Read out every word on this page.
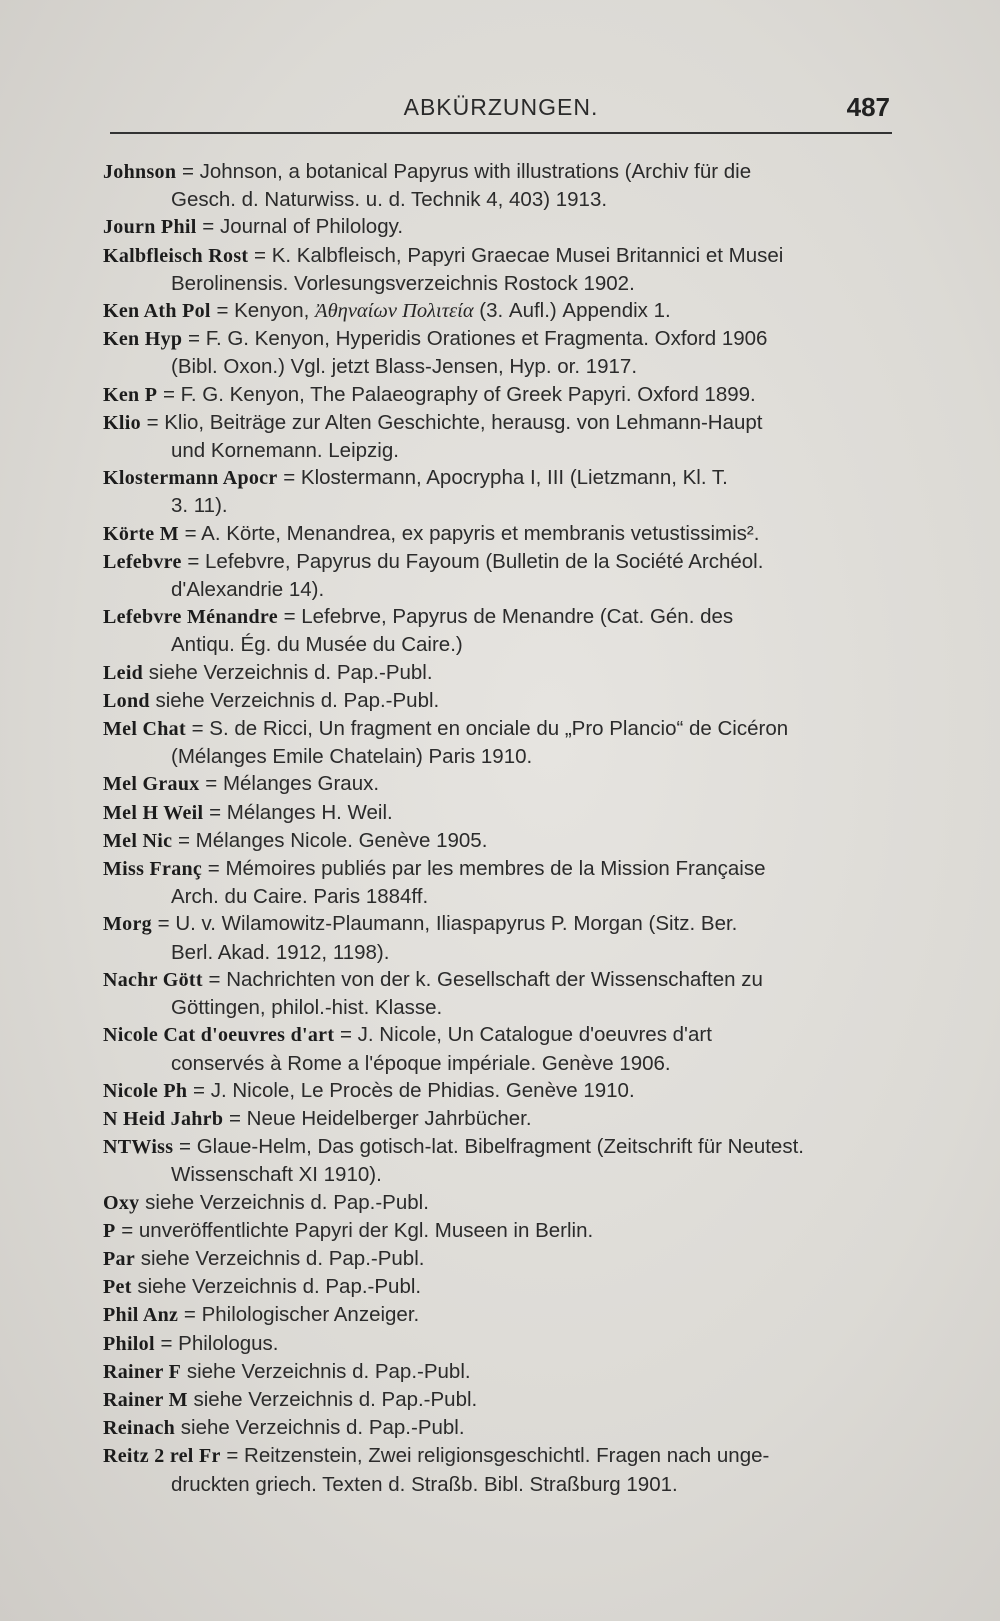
ABKÜRZUNGEN.	487
Johnson = Johnson, a botanical Papyrus with illustrations (Archiv für die
Gesch. d. Naturwiss. u. d. Technik 4, 403) 1913.
Journ Phil = Journal of Philology.
Kalbfleisch Rost = K. Kalbfleisch, Papyri Graecae Musei Britannici et Musei
Berolinensis. Vorlesungsverzeichnis Rostock 1902.
Ken Ath Pol = Kenyon, Ἀθηναίων Πολιτεία (3. Aufl.) Appendix 1.
Ken Hyp = F. G. Kenyon, Hyperidis Orationes et Fragmenta. Oxford 1906
(Bibl. Oxon.) Vgl. jetzt Blass-Jensen, Hyp. or. 1917.
Ken P = F. G. Kenyon, The Palaeography of Greek Papyri. Oxford 1899.
Klio = Klio, Beiträge zur Alten Geschichte, herausg. von Lehmann-Haupt
und Kornemann. Leipzig.
Klostermann Apocr = Klostermann, Apocrypha I, III (Lietzmann, Kl. T.
3. 11).
Körte M = A. Körte, Menandrea, ex papyris et membranis vetustissimis².
Lefebvre = Lefebvre, Papyrus du Fayoum (Bulletin de la Société Archéol.
d'Alexandrie 14).
Lefebvre Ménandre = Lefebrve, Papyrus de Menandre (Cat. Gén. des
Antiqu. Ég. du Musée du Caire.)
Leid siehe Verzeichnis d. Pap.-Publ.
Lond siehe Verzeichnis d. Pap.-Publ.
Mel Chat = S. de Ricci, Un fragment en onciale du „Pro Plancio“ de Cicéron
(Mélanges Emile Chatelain) Paris 1910.
Mel Graux = Mélanges Graux.
Mel H Weil = Mélanges H. Weil.
Mel Nic = Mélanges Nicole. Genève 1905.
Miss Franç = Mémoires publiés par les membres de la Mission Française
Arch. du Caire. Paris 1884ff.
Morg = U. v. Wilamowitz-Plaumann, Iliaspapyrus P. Morgan (Sitz. Ber.
Berl. Akad. 1912, 1198).
Nachr Gött = Nachrichten von der k. Gesellschaft der Wissenschaften zu
Göttingen, philol.-hist. Klasse.
Nicole Cat d'oeuvres d'art = J. Nicole, Un Catalogue d'oeuvres d'art
conservés à Rome a l'époque impériale. Genève 1906.
Nicole Ph = J. Nicole, Le Procès de Phidias. Genève 1910.
N Heid Jahrb = Neue Heidelberger Jahrbücher.
NTWiss = Glaue-Helm, Das gotisch-lat. Bibelfragment (Zeitschrift für Neutest.
Wissenschaft XI 1910).
Oxy siehe Verzeichnis d. Pap.-Publ.
P = unveröffentlichte Papyri der Kgl. Museen in Berlin.
Par siehe Verzeichnis d. Pap.-Publ.
Pet siehe Verzeichnis d. Pap.-Publ.
Phil Anz = Philologischer Anzeiger.
Philol = Philologus.
Rainer F siehe Verzeichnis d. Pap.-Publ.
Rainer M siehe Verzeichnis d. Pap.-Publ.
Reinach siehe Verzeichnis d. Pap.-Publ.
Reitz 2 rel Fr = Reitzenstein, Zwei religionsgeschichtl. Fragen nach unge-
druckten griech. Texten d. Straßb. Bibl. Straßburg 1901.
